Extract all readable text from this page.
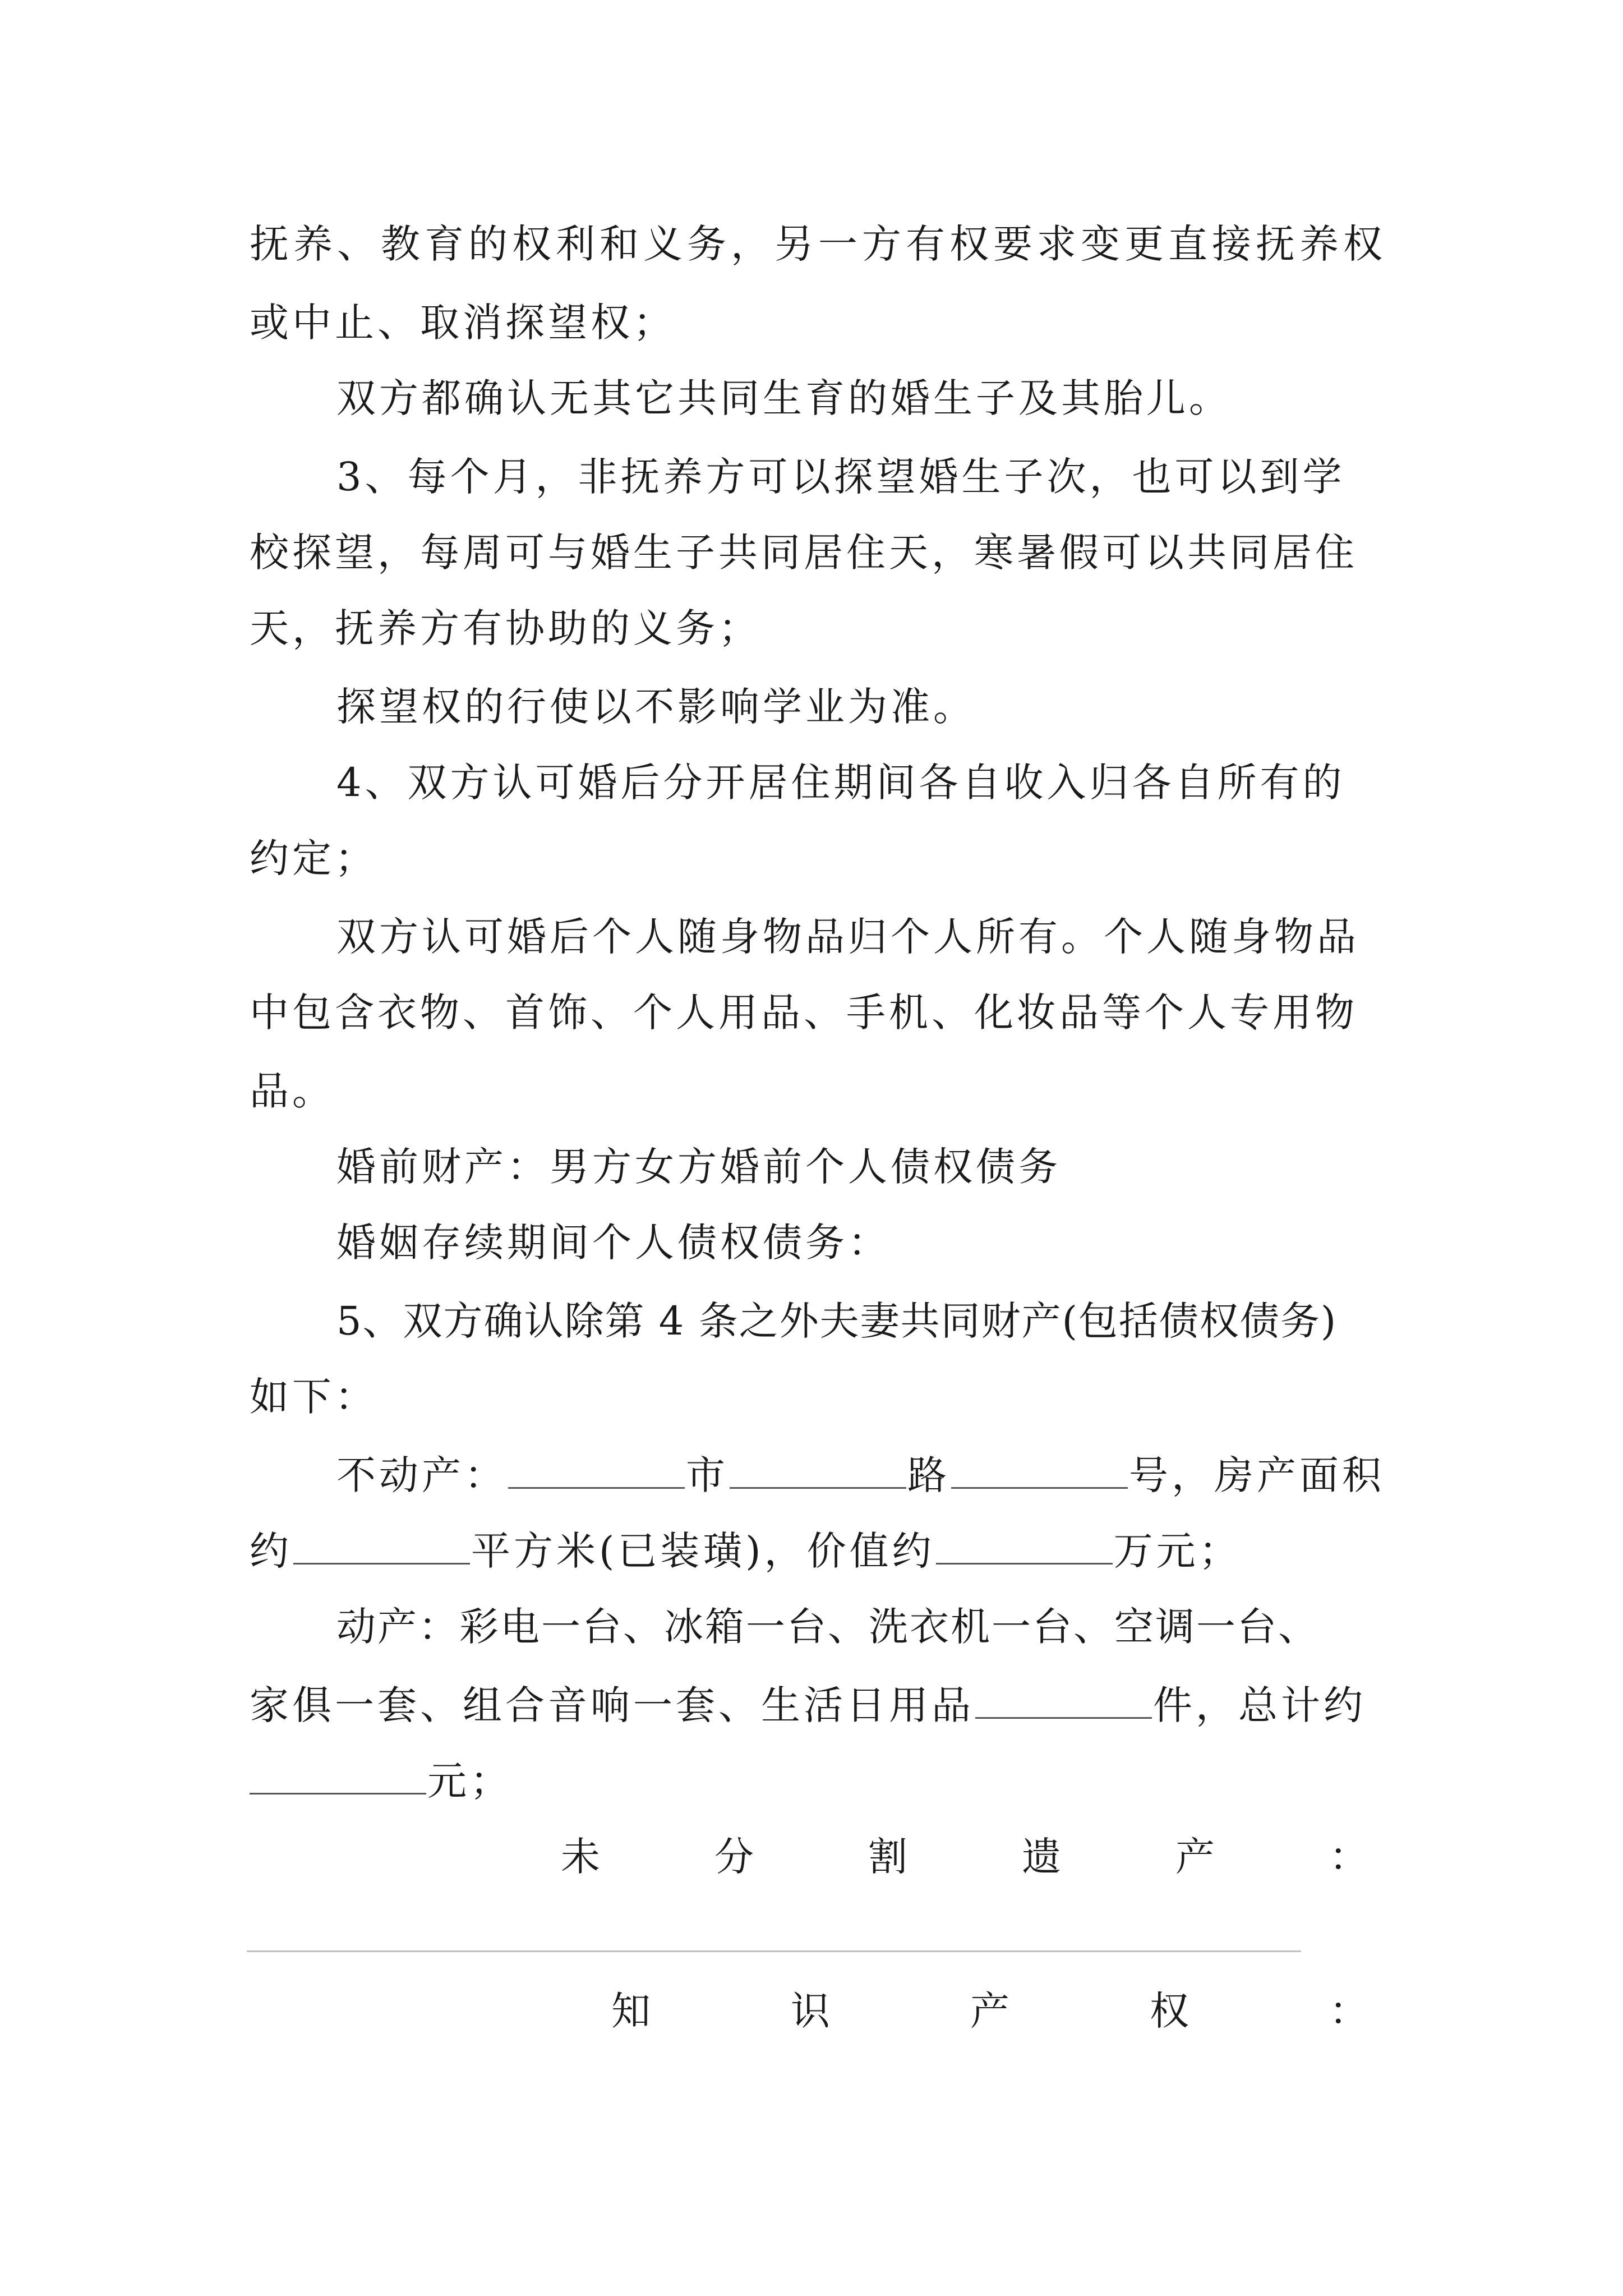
抚 养 、 教 育 的 权 利 和 义 务 ， 另 一 方 有 权 要 求 变 更 直 接 抚 养 权
或中止、取消探望权；
双方都确认无其它共同生育的婚生子及其胎儿。
3、每个月，非抚养方可以探望婚生子次，也可以到学
校探望，每周可与婚生子共同居住天，寒暑假可以共同居住
天，抚养方有协助的义务；
探望权的行使以不影响学业为准。
4、双方认可婚后分开居住期间各自收入归各自所有的
约定；
双方认可婚后个人随身物品归个人所有。个人随身物品
中包含衣物、首饰、个人用品、手机、化妆品等个人专用物
品。
婚前财产：男方女方婚前个人债权债务
婚姻存续期间个人债权债务：
5、双方确认除第 4 条之外夫妻共同财产(包括债权债务)
如下：
不动产：	市	路	号，房产面积
约	平方米(已装璜)，价值约	万元；
动产：彩电一台、冰箱一台、洗衣机一台、空调一台、
家俱一套、组合音响一套、生活日用品	件，总计约
元；
未	分	割	遗	产	：
知	识	产	权	：
